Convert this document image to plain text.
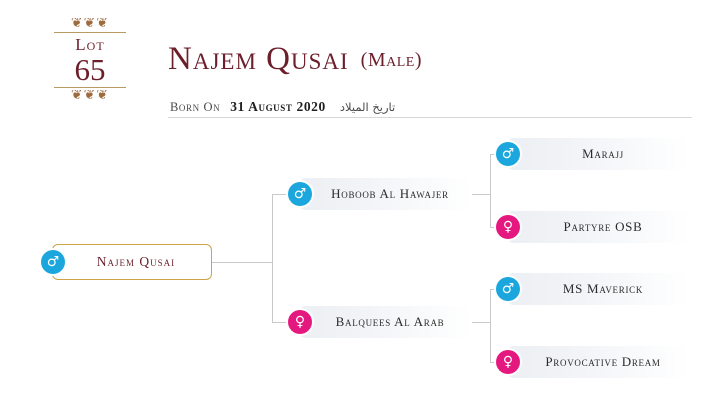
❦❦❦
Lot
65
❦❦❦
Najem Qusai (Male)
Born On 31 August 2020 تاريخ الميلاد
♂	Najem Qusai
♂	Hoboob Al Hawajer
♀	Balquees Al Arab
♂	Marajj
♀	Partyre OSB
♂	MS Maverick
♀	Provocative Dream
